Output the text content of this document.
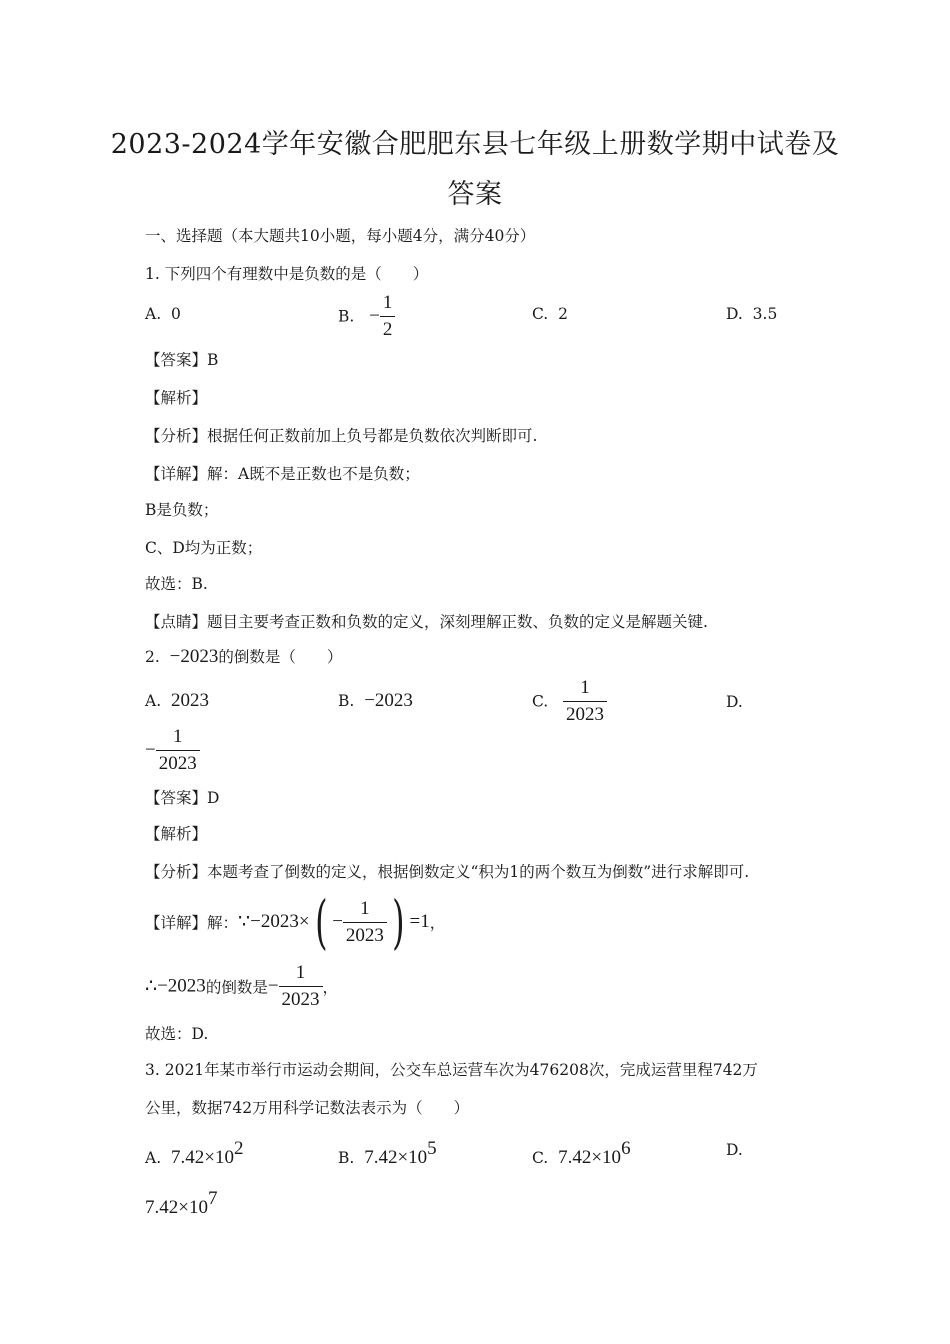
2023-2024学年安徽合肥肥东县七年级上册数学期中试卷及
答案
一、选择题（本大题共10小题，每小题4分，满分40分）
1. 下列四个有理数中是负数的是（　　）
A. 0	B. − $\frac{1}{2}$	C. 2	D. 3.5
【答案】B
【解析】
【分析】根据任何正数前加上负号都是负数依次判断即可.
【详解】解：A既不是正数也不是负数；
B是负数；
C、D均为正数；
故选：B.
【点睛】题目主要考查正数和负数的定义，深刻理解正数、负数的定义是解题关键.
2. −2023的倒数是（　　）
A. 2023	B. −2023	C. $\frac{1}{2023}$	D.
− $\frac{1}{2023}$
【答案】D
【解析】
【分析】本题考查了倒数的定义，根据倒数定义“积为1的两个数互为倒数”进行求解即可.
【详解】解：∵−2023×( − $\frac{1}{2023}$ ) =1，
∴−2023的倒数是− $\frac{1}{2023}$ ，
故选：D.
3. 2021年某市举行市运动会期间，公交车总运营车次为476208次，完成运营里程742万
公里，数据742万用科学记数法表示为（　　）
A. $7.42\times 10^2$	B. $7.42\times 10^5$	C. $7.42\times 10^6$	D.
$7.42\times 10^7$
